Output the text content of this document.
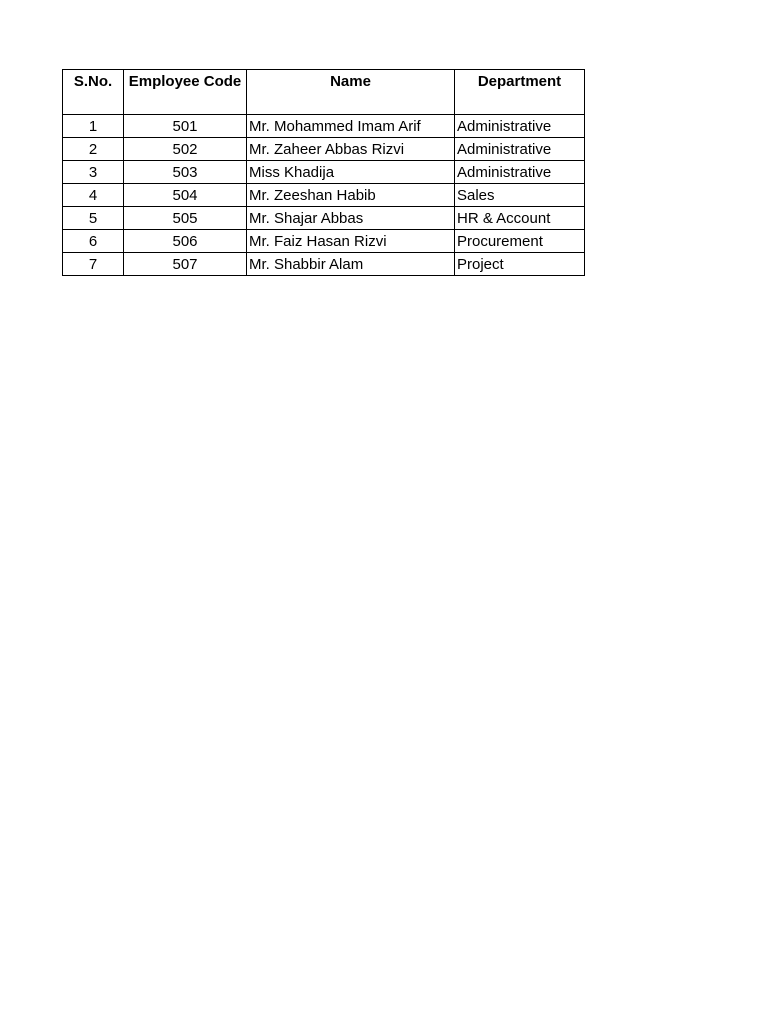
S.No.	Employee Code	Name	Department
1	501	Mr. Mohammed Imam Arif	Administrative
2	502	Mr. Zaheer Abbas Rizvi	Administrative
3	503	Miss Khadija	Administrative
4	504	Mr. Zeeshan Habib	Sales
5	505	Mr. Shajar Abbas	HR & Account
6	506	Mr. Faiz Hasan Rizvi	Procurement
7	507	Mr. Shabbir Alam	Project
